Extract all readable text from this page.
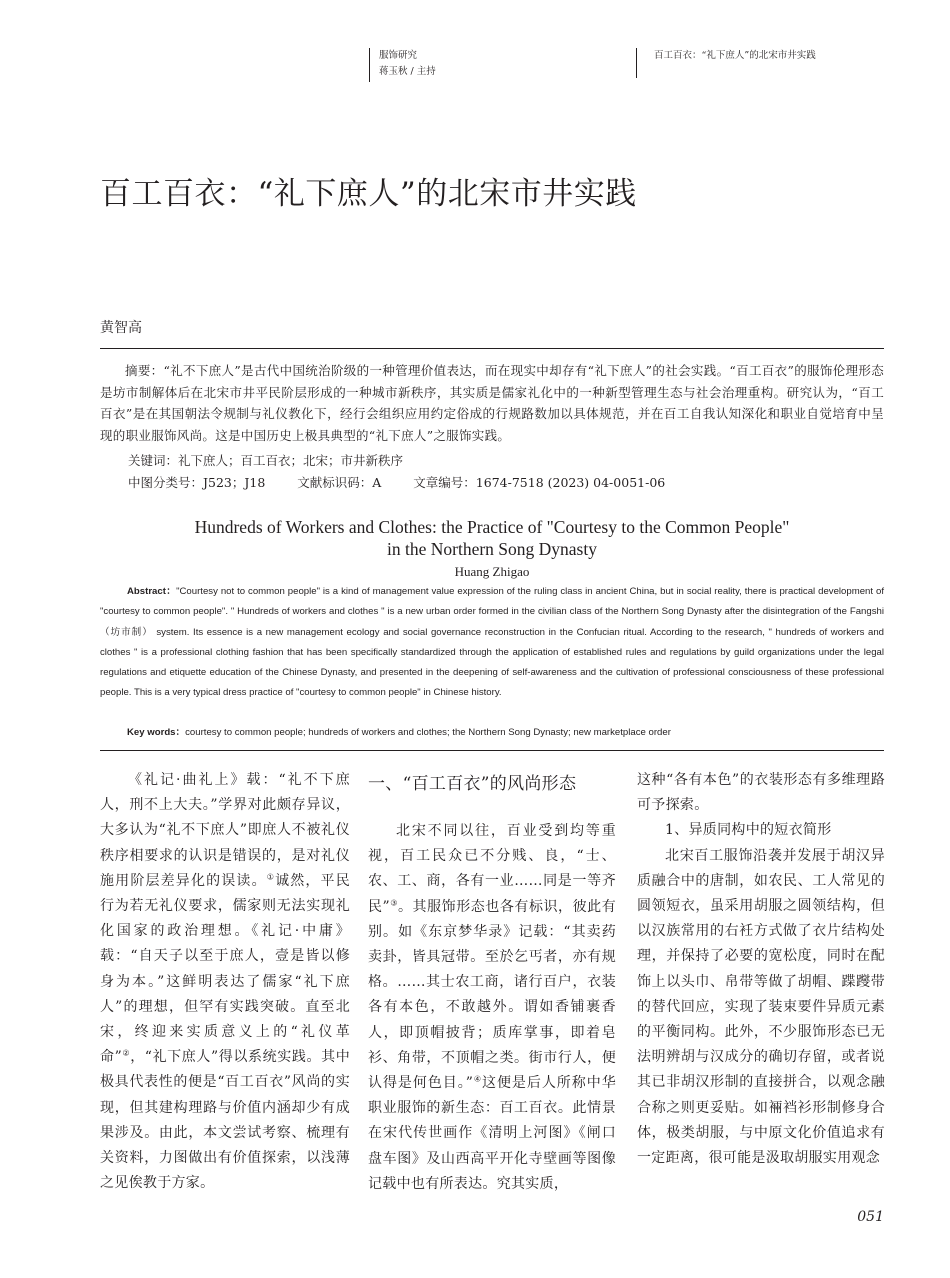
服饰研究
蒋玉秋 / 主持
百工百衣：“礼下庶人”的北宋市井实践
百工百衣：“礼下庶人”的北宋市井实践
黄智高

摘要：“礼不下庶人”是古代中国统治阶级的一种管理价值表达，而在现实中却存有“礼下庶人”的社会实践。“百工百衣”的服饰伦理形态是坊市制解体后在北宋市井平民阶层形成的一种城市新秩序，其实质是儒家礼化中的一种新型管理生态与社会治理重构。研究认为，“百工百衣”是在其国朝法令规制与礼仪教化下，经行会组织应用约定俗成的行规路数加以具体规范，并在百工自我认知深化和职业自觉培育中呈现的职业服饰风尚。这是中国历史上极具典型的“礼下庶人”之服饰实践。

关键词：礼下庶人；百工百衣；北宋；市井新秩序
中图分类号：J523；J18	文献标识码：A	文章编号：1674-7518 (2023) 04-0051-06
Hundreds of Workers and Clothes: the Practice of "Courtesy to the Common People"
in the Northern Song Dynasty
Huang Zhigao
Abstract："Courtesy not to common people" is a kind of management value expression of the ruling class in ancient China, but in social reality, there is practical development of "courtesy to common people". " Hundreds of workers and clothes " is a new urban order formed in the civilian class of the Northern Song Dynasty after the disintegration of the Fangshi（坊市制） system. Its essence is a new management ecology and social governance reconstruction in the Confucian ritual. According to the research, " hundreds of workers and clothes " is a professional clothing fashion that has been specifically standardized through the application of established rules and regulations by guild organizations under the legal regulations and etiquette education of the Chinese Dynasty, and presented in the deepening of self-awareness and the cultivation of professional consciousness of these professional people. This is a very typical dress practice of "courtesy to common people" in Chinese history.
Key words：courtesy to common people; hundreds of workers and clothes; the Northern Song Dynasty; new marketplace order

《礼记·曲礼上》载：“礼不下庶人，刑不上大夫。”学界对此颇存异议，大多认为“礼不下庶人”即庶人不被礼仪秩序相要求的认识是错误的，是对礼仪施用阶层差异化的误读。①诚然，平民行为若无礼仪要求，儒家则无法实现礼化国家的政治理想。《礼记·中庸》载：“自天子以至于庶人，壹是皆以修身为本。”这鲜明表达了儒家“礼下庶人”的理想，但罕有实践突破。直至北宋，终迎来实质意义上的“礼仪革命”②，“礼下庶人”得以系统实践。其中极具代表性的便是“百工百衣”风尚的实现，但其建构理路与价值内涵却少有成果涉及。由此，本文尝试考察、梳理有关资料，力图做出有价值探索，以浅薄之见俟教于方家。

一、“百工百衣”的风尚形态

北宋不同以往，百业受到均等重视，百工民众已不分贱、良，“士、农、工、商，各有一业……同是一等齐民”③。其服饰形态也各有标识，彼此有别。如《东京梦华录》记载：“其卖药卖卦，皆具冠带。至於乞丐者，亦有规格。……其士农工商，诸行百户，衣装各有本色，不敢越外。谓如香铺裹香人，即顶帽披背；质库掌事，即着皂衫、角带，不顶帽之类。街市行人，便认得是何色目。”④这便是后人所称中华职业服饰的新生态：百工百衣。此情景在宋代传世画作《清明上河图》《闸口盘车图》及山西高平开化寺壁画等图像记载中也有所表达。究其实质，

这种“各有本色”的衣装形态有多维理路可予探索。

1、异质同构中的短衣简形

北宋百工服饰沿袭并发展于胡汉异质融合中的唐制，如农民、工人常见的圆领短衣，虽采用胡服之圆领结构，但以汉族常用的右衽方式做了衣片结构处理，并保持了必要的宽松度，同时在配饰上以头巾、帛带等做了胡帽、蹀躞带的替代回应，实现了装束要件异质元素的平衡同构。此外，不少服饰形态已无法明辨胡与汉成分的确切存留，或者说其已非胡汉形制的直接拼合，以观念融合称之则更妥贴。如裲裆衫形制修身合体，极类胡服，与中原文化价值追求有一定距离，很可能是汲取胡服实用观念

051
